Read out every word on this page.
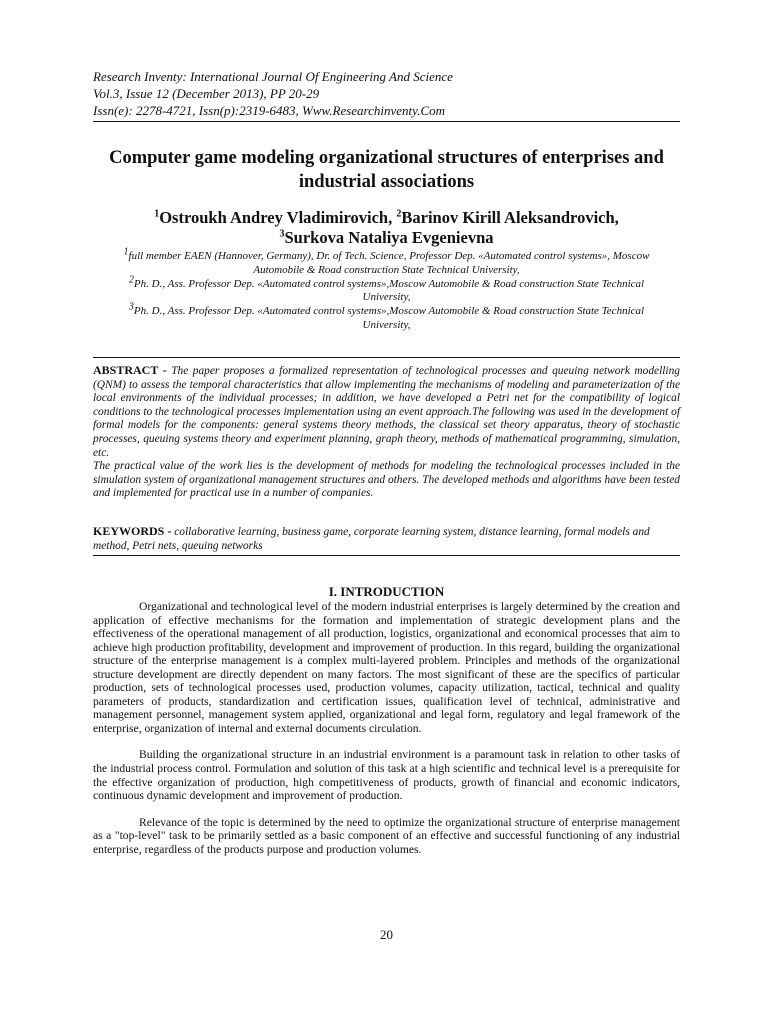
Research Inventy: International Journal Of Engineering And Science
Vol.3, Issue 12 (December 2013), PP 20-29
Issn(e): 2278-4721, Issn(p):2319-6483, Www.Researchinventy.Com
Computer game modeling organizational structures of enterprises and industrial associations
$^1$Ostroukh Andrey Vladimirovich, $^2$Barinov Kirill Aleksandrovich,
$^3$Surkova Nataliya Evgenievna
$^1$full member EAEN (Hannover, Germany), Dr. of Tech. Science, Professor Dep. «Automated control systems», Moscow Automobile & Road construction State Technical University,
$^2$Ph. D., Ass. Professor Dep. «Automated control systems»,Moscow Automobile & Road construction State Technical University,
$^3$Ph. D., Ass. Professor Dep. «Automated control systems»,Moscow Automobile & Road construction State Technical University,

ABSTRACT - The paper proposes a formalized representation of technological processes and queuing network modelling (QNM) to assess the temporal characteristics that allow implementing the mechanisms of modeling and parameterization of the local environments of the individual processes; in addition, we have developed a Petri net for the compatibility of logical conditions to the technological processes implementation using an event approach.The following was used in the development of formal models for the components: general systems theory methods, the classical set theory apparatus, theory of stochastic processes, queuing systems theory and experiment planning, graph theory, methods of mathematical programming, simulation, etc.

The practical value of the work lies is the development of methods for modeling the technological processes included in the simulation system of organizational management structures and others. The developed methods and algorithms have been tested and implemented for practical use in a number of companies.

KEYWORDS - collaborative learning, business game, corporate learning system, distance learning, formal models and method, Petri nets, queuing networks
I. INTRODUCTION

Organizational and technological level of the modern industrial enterprises is largely determined by the creation and application of effective mechanisms for the formation and implementation of strategic development plans and the effectiveness of the operational management of all production, logistics, organizational and economical processes that aim to achieve high production profitability, development and improvement of production. In this regard, building the organizational structure of the enterprise management is a complex multi-layered problem. Principles and methods of the organizational structure development are directly dependent on many factors. The most significant of these are the specifics of particular production, sets of technological processes used, production volumes, capacity utilization, tactical, technical and quality parameters of products, standardization and certification issues, qualification level of technical, administrative and management personnel, management system applied, organizational and legal form, regulatory and legal framework of the enterprise, organization of internal and external documents circulation.

Building the organizational structure in an industrial environment is a paramount task in relation to other tasks of the industrial process control. Formulation and solution of this task at a high scientific and technical level is a prerequisite for the effective organization of production, high competitiveness of products, growth of financial and economic indicators, continuous dynamic development and improvement of production.

Relevance of the topic is determined by the need to optimize the organizational structure of enterprise management as a "top-level" task to be primarily settled as a basic component of an effective and successful functioning of any industrial enterprise, regardless of the products purpose and production volumes.

20
